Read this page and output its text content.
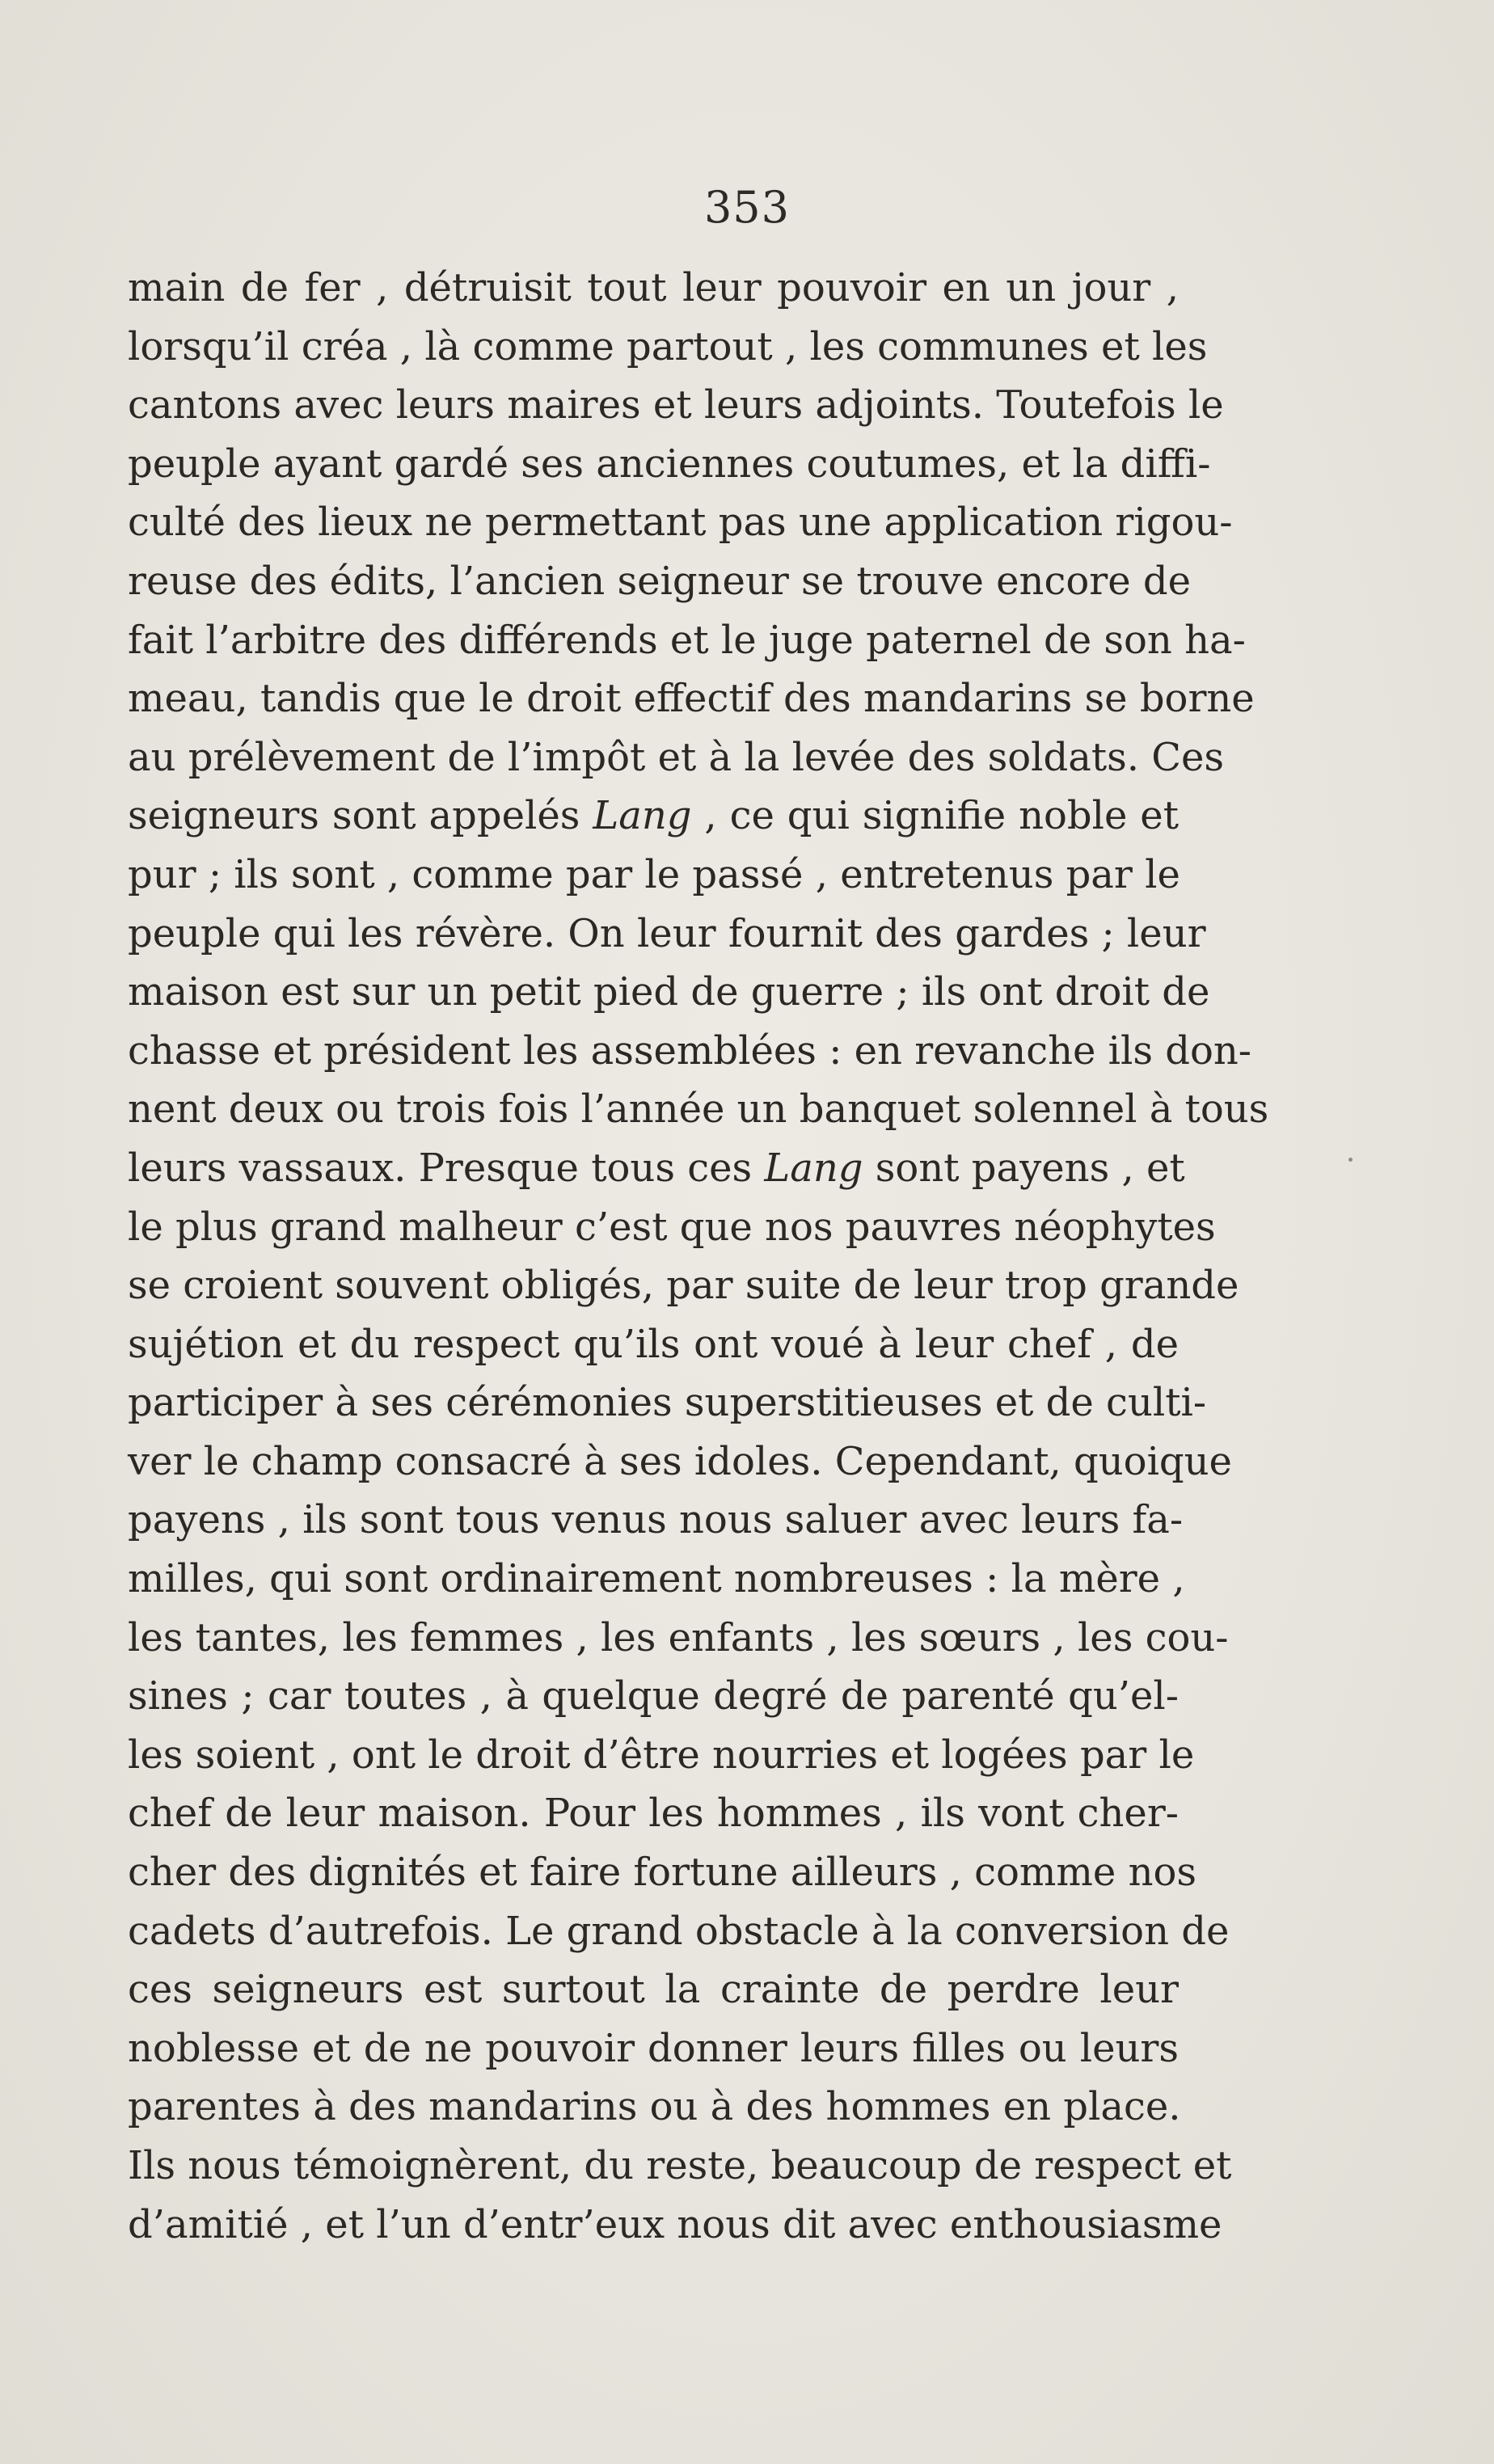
353
main de fer , détruisit tout leur pouvoir en un jour ,
lorsqu’il créa , là comme partout , les communes et les
cantons avec leurs maires et leurs adjoints. Toutefois le
peuple ayant gardé ses anciennes coutumes, et la diffi-
culté des lieux ne permettant pas une application rigou-
reuse des édits, l’ancien seigneur se trouve encore de
fait l’arbitre des différends et le juge paternel de son ha-
meau, tandis que le droit effectif des mandarins se borne
au prélèvement de l’impôt et à la levée des soldats. Ces
seigneurs sont appelés Lang , ce qui signifie noble et
pur ; ils sont , comme par le passé , entretenus par le
peuple qui les révère. On leur fournit des gardes ; leur
maison est sur un petit pied de guerre ; ils ont droit de
chasse et président les assemblées : en revanche ils don-
nent deux ou trois fois l’année un banquet solennel à tous
leurs vassaux. Presque tous ces Lang sont payens , et
le plus grand malheur c’est que nos pauvres néophytes
se croient souvent obligés, par suite de leur trop grande
sujétion et du respect qu’ils ont voué à leur chef , de
participer à ses cérémonies superstitieuses et de culti-
ver le champ consacré à ses idoles. Cependant, quoique
payens , ils sont tous venus nous saluer avec leurs fa-
milles, qui sont ordinairement nombreuses : la mère ,
les tantes, les femmes , les enfants , les sœurs , les cou-
sines ; car toutes , à quelque degré de parenté qu’el-
les soient , ont le droit d’être nourries et logées par le
chef de leur maison. Pour les hommes , ils vont cher-
cher des dignités et faire fortune ailleurs , comme nos
cadets d’autrefois. Le grand obstacle à la conversion de
ces seigneurs est surtout la crainte de perdre leur
noblesse et de ne pouvoir donner leurs filles ou leurs
parentes à des mandarins ou à des hommes en place.
Ils nous témoignèrent, du reste, beaucoup de respect et
d’amitié , et l’un d’entr’eux nous dit avec enthousiasme
